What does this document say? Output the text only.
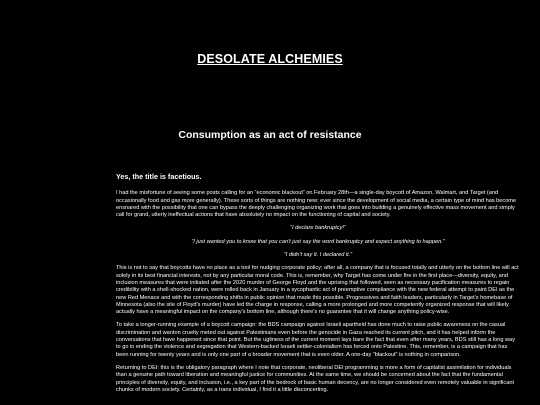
DESOLATE ALCHEMIES
Consumption as an act of resistance

Yes, the title is facetious.

I had the misfortune of seeing some posts calling for an “economic blackout” on February 28th—a single-day boycott of Amazon, Walmart, and Target (and occasionally food and gas more generally). These sorts of things are nothing new; ever since the development of social media, a certain type of mind has become ensnared with the possibility that one can bypass the deeply challenging organizing work that goes into building a genuinely effective mass movement and simply call for grand, utterly ineffectual actions that have absolutely no impact on the functioning of capital and society.

“I declare bankruptcy!”

“I just wanted you to know that you can't just say the word bankruptcy and expect anything to happen.”

“I didn't say it. I declared it.”

This is not to say that boycotts have no place as a tool for nudging corporate policy; after all, a company that is focused totally and utterly on the bottom line will act solely in its best financial interests, not by any particular moral code. This is, remember, why Target has come under fire in the first place—diversity, equity, and inclusion measures that were initiated after the 2020 murder of George Floyd and the uprising that followed, seen as necessary pacification measures to regain credibility with a shell-shocked nation, were rolled back in January in a sycophantic act of preemptive compliance with the new federal attempt to paint DEI as the new Red Menace and with the corresponding shifts in public opinion that made this possible. Progressives and faith leaders, particularly in Target's homebase of Minnesota (also the site of Floyd's murder) have led the charge in response, calling a more prolonged and more competently organized response that will likely actually have a meaningful impact on the company's bottom line, although there's no guarantee that it will change anything policy-wise.

To take a longer-running example of a boycott campaign: the BDS campaign against Israeli apartheid has done much to raise public awareness on the casual discrimination and wanton cruelty meted out against Palestinians even before the genocide in Gaza reached its current pitch, and it has helped inform the conversations that have happened since that point. But the ugliness of the current moment lays bare the fact that even after many years, BDS still has a long way to go in ending the violence and segregation that Western-backed Israeli settler-colonialism has forced onto Palestine. This, remember, is a campaign that has been running for twenty years and is only one part of a broader movement that is even older. A one-day “blackout” is nothing in comparison.

Returning to DEI: this is the obligatory paragraph where I note that corporate, neoliberal DEI programming is more a form of capitalist assimilation for individuals than a genuine path toward liberation and meaningful justice for communities. At the same time, we should be concerned about the fact that the fundamental principles of diversity, equity, and inclusion, i.e., a key part of the bedrock of basic human decency, are no longer considered even remotely valuable in significant chunks of modern society. Certainly, as a trans individual, I find it a little disconcerting.
